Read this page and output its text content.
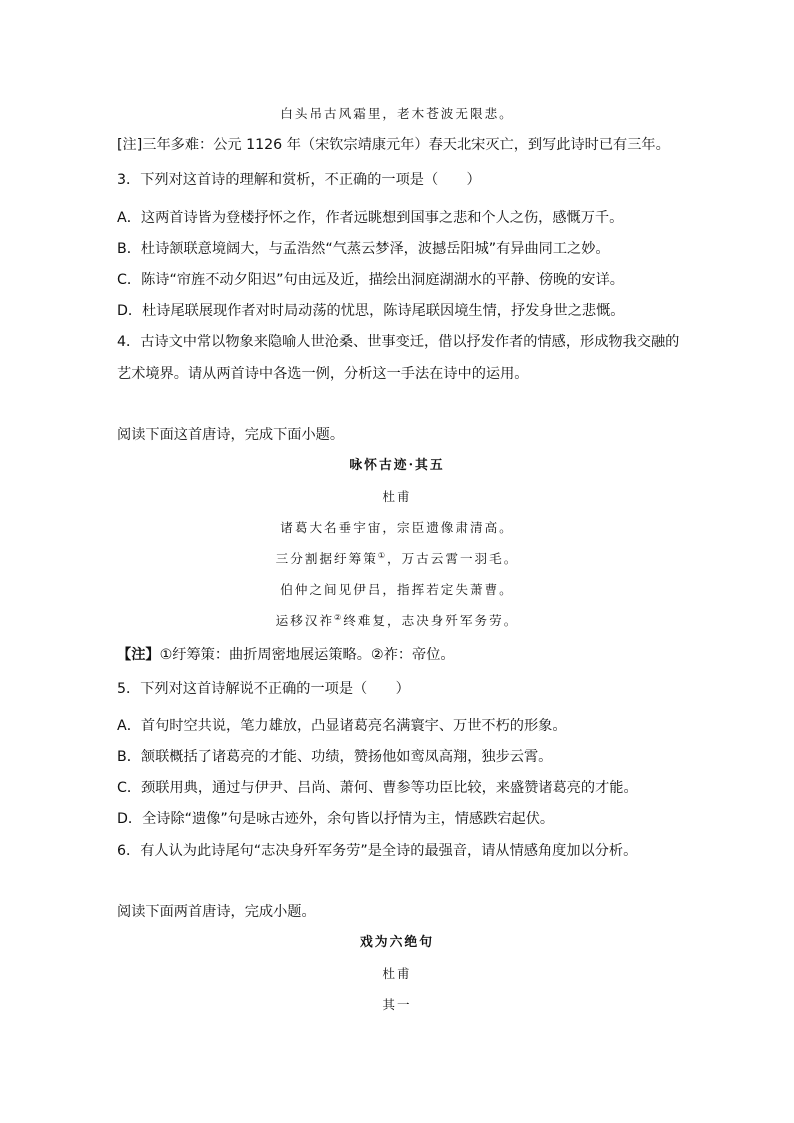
白头吊古风霜里，老木苍波无限悲。
[注]三年多难：公元 1126 年（宋钦宗靖康元年）春天北宋灭亡，到写此诗时已有三年。
3．下列对这首诗的理解和赏析，不正确的一项是（　　）
A．这两首诗皆为登楼抒怀之作，作者远眺想到国事之悲和个人之伤，感慨万千。
B．杜诗颔联意境阔大，与孟浩然“气蒸云梦泽，波撼岳阳城”有异曲同工之妙。
C．陈诗“帘旌不动夕阳迟”句由远及近，描绘出洞庭湖湖水的平静、傍晚的安详。
D．杜诗尾联展现作者对时局动荡的忧思，陈诗尾联因境生情，抒发身世之悲慨。
4．古诗文中常以物象来隐喻人世沧桑、世事变迁，借以抒发作者的情感，形成物我交融的
艺术境界。请从两首诗中各选一例，分析这一手法在诗中的运用。
阅读下面这首唐诗，完成下面小题。
咏怀古迹·其五
杜甫
诸葛大名垂宇宙，宗臣遗像肃清高。
三分割据纡筹策①，万古云霄一羽毛。
伯仲之间见伊吕，指挥若定失萧曹。
运移汉祚②终难复，志决身歼军务劳。
【注】①纡筹策：曲折周密地展运策略。②祚：帝位。
5．下列对这首诗解说不正确的一项是（　　）
A．首句时空共说，笔力雄放，凸显诸葛亮名满寰宇、万世不朽的形象。
B．颔联概括了诸葛亮的才能、功绩，赞扬他如鸾凤高翔，独步云霄。
C．颈联用典，通过与伊尹、吕尚、萧何、曹参等功臣比较，来盛赞诸葛亮的才能。
D．全诗除“遗像”句是咏古迹外，余句皆以抒情为主，情感跌宕起伏。
6．有人认为此诗尾句“志决身歼军务劳”是全诗的最强音，请从情感角度加以分析。
阅读下面两首唐诗，完成小题。
戏为六绝句
杜甫
其一
